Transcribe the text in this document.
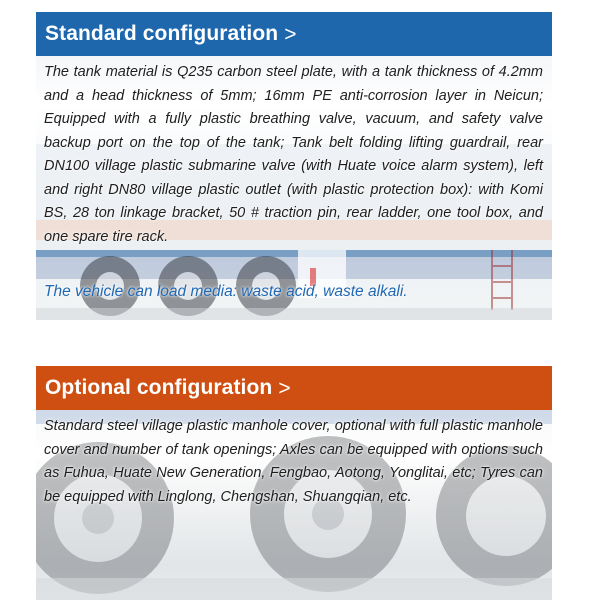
Standard configuration >

The tank material is Q235 carbon steel plate, with a tank thickness of 4.2mm and a head thickness of 5mm; 16mm PE anti-corrosion layer in Neicun; Equipped with a fully plastic breathing valve, vacuum, and safety valve backup port on the top of the tank; Tank belt folding lifting guardrail, rear DN100 village plastic submarine valve (with Huate voice alarm system), left and right DN80 village plastic outlet (with plastic protection box): with Komi BS, 28 ton linkage bracket, 50 # traction pin, rear ladder, one tool box, and one spare tire rack.

The vehicle can load media: waste acid, waste alkali.

Optional configuration >

Standard steel village plastic manhole cover, optional with full plastic manhole cover and number of tank openings; Axles can be equipped with options such as Fuhua, Huate New Generation, Fengbao, Aotong, Yonglitai, etc; Tyres can be equipped with Linglong, Chengshan, Shuangqian, etc.
